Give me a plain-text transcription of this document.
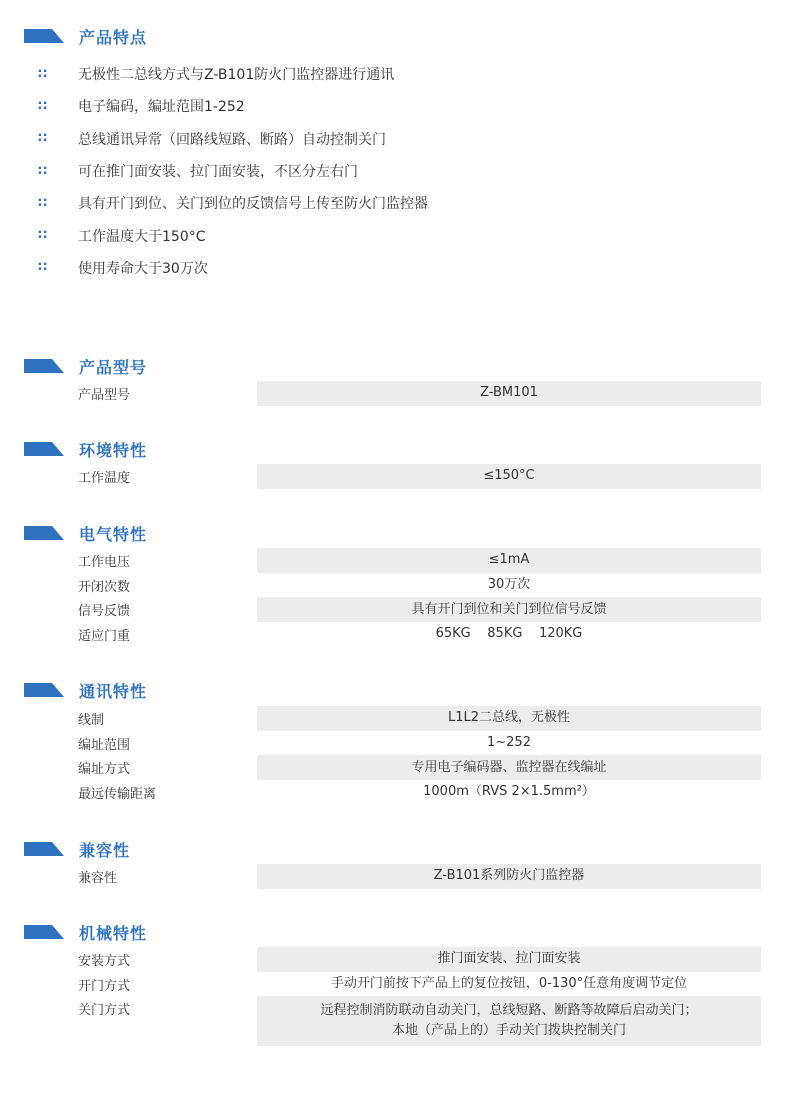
产品特点
∷	无极性二总线方式与Z-B101防火门监控器进行通讯
∷	电子编码，编址范围1-252
∷	总线通讯异常（回路线短路、断路）自动控制关门
∷	可在推门面安装、拉门面安装，不区分左右门
∷	具有开门到位、关门到位的反馈信号上传至防火门监控器
∷	工作温度大于150°C
∷	使用寿命大于30万次
产品型号
产品型号	Z-BM101
环境特性
工作温度	≤150°C
电气特性
工作电压	≤1mA
开闭次数	30万次
信号反馈	具有开门到位和关门到位信号反馈
适应门重	65KG    85KG    120KG
通讯特性
线制	L1L2二总线，无极性
编址范围	1~252
编址方式	专用电子编码器、监控器在线编址
最远传输距离	1000m（RVS 2×1.5mm²）
兼容性
兼容性	Z-B101系列防火门监控器
机械特性
安装方式	推门面安装、拉门面安装
开门方式	手动开门前按下产品上的复位按钮，0-130°任意角度调节定位
关门方式	远程控制消防联动自动关门，总线短路、断路等故障后启动关门；
本地（产品上的）手动关门拨块控制关门
